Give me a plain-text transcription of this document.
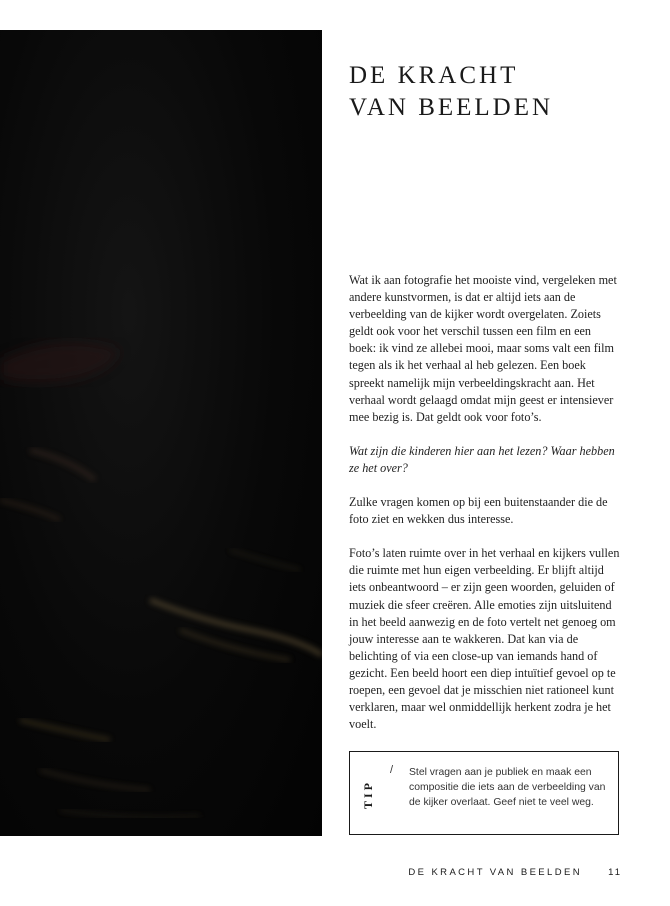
DE KRACHT
VAN BEELDEN

Wat ik aan fotografie het mooiste vind, vergeleken met andere kunstvormen, is dat er altijd iets aan de verbeelding van de kijker wordt overgelaten. Zoiets geldt ook voor het verschil tussen een film en een boek: ik vind ze allebei mooi, maar soms valt een film tegen als ik het verhaal al heb gelezen. Een boek spreekt namelijk mijn verbeeldingskracht aan. Het verhaal wordt gelaagd omdat mijn geest er intensiever mee bezig is. Dat geldt ook voor foto’s.

Wat zijn die kinderen hier aan het lezen? Waar hebben ze het over?

Zulke vragen komen op bij een buitenstaander die de foto ziet en wekken dus interesse.

Foto’s laten ruimte over in het verhaal en kijkers vullen die ruimte met hun eigen verbeelding. Er blijft altijd iets onbeantwoord – er zijn geen woorden, geluiden of muziek die sfeer creëren. Alle emoties zijn uitsluitend in het beeld aanwezig en de foto vertelt net genoeg om jouw interesse aan te wakkeren. Dat kan via de belichting of via een close-up van iemands hand of gezicht. Een beeld hoort een diep intuïtief gevoel op te roepen, een gevoel dat je misschien niet rationeel kunt verklaren, maar wel onmiddellijk herkent zodra je het voelt.

TIP
/ Stel vragen aan je publiek en maak een compositie die iets aan de verbeelding van de kijker overlaat. Geef niet te veel weg.
DE KRACHT VAN BEELDEN	11
